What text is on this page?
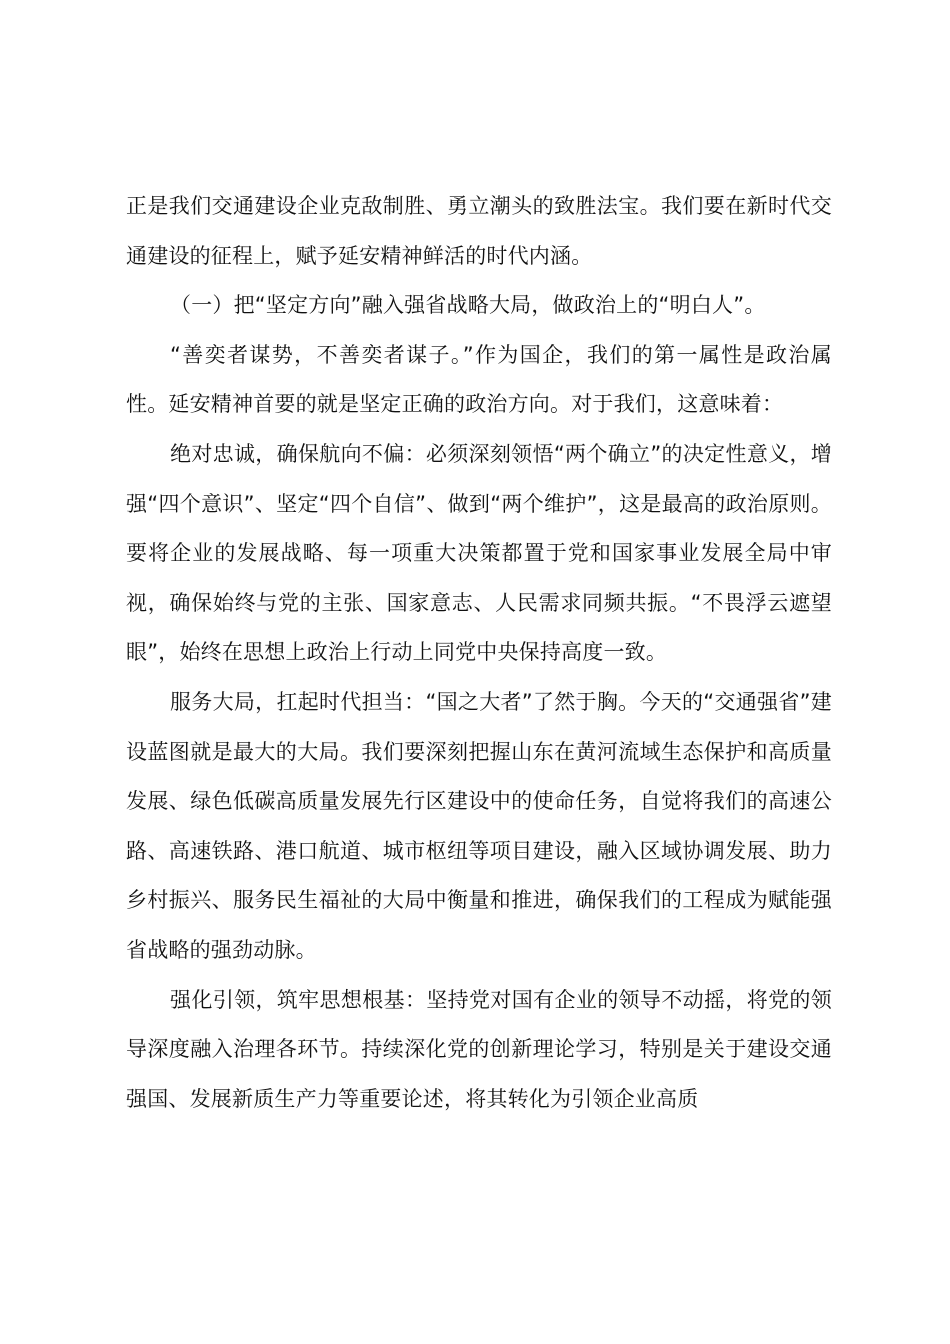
正是我们交通建设企业克敌制胜、勇立潮头的致胜法宝。我们要在新时代交通建设的征程上，赋予延安精神鲜活的时代内涵。

（一）把“坚定方向”融入强省战略大局，做政治上的“明白人”。

“善奕者谋势，不善奕者谋子。”作为国企，我们的第一属性是政治属性。延安精神首要的就是坚定正确的政治方向。对于我们，这意味着：

绝对忠诚，确保航向不偏：必须深刻领悟“两个确立”的决定性意义，增强“四个意识”、坚定“四个自信”、做到“两个维护”，这是最高的政治原则。要将企业的发展战略、每一项重大决策都置于党和国家事业发展全局中审视，确保始终与党的主张、国家意志、人民需求同频共振。“不畏浮云遮望眼”，始终在思想上政治上行动上同党中央保持高度一致。

服务大局，扛起时代担当：“国之大者”了然于胸。今天的“交通强省”建设蓝图就是最大的大局。我们要深刻把握山东在黄河流域生态保护和高质量发展、绿色低碳高质量发展先行区建设中的使命任务，自觉将我们的高速公路、高速铁路、港口航道、城市枢纽等项目建设，融入区域协调发展、助力乡村振兴、服务民生福祉的大局中衡量和推进，确保我们的工程成为赋能强省战略的强劲动脉。

强化引领，筑牢思想根基：坚持党对国有企业的领导不动摇，将党的领导深度融入治理各环节。持续深化党的创新理论学习，特别是关于建设交通强国、发展新质生产力等重要论述，将其转化为引领企业高质
